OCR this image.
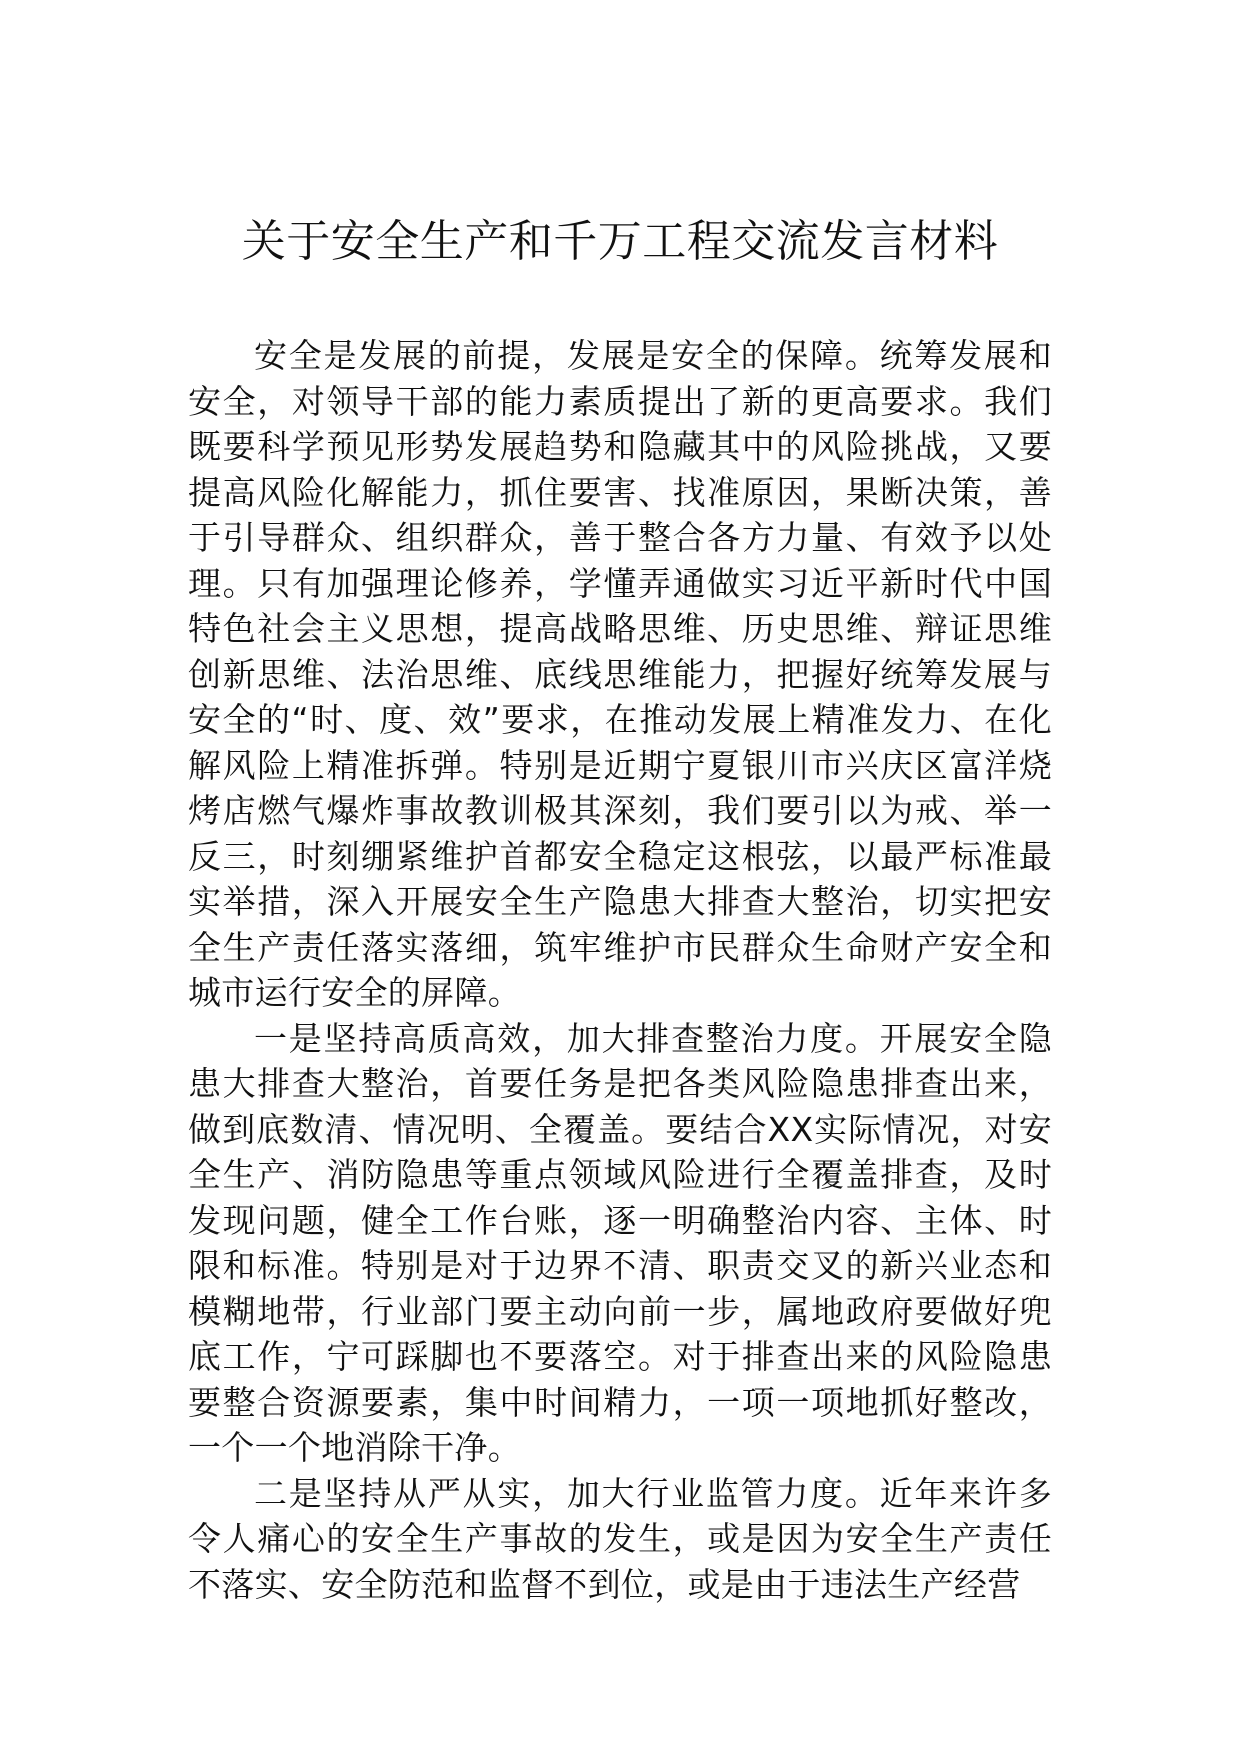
关于安全生产和千万工程交流发言材料

安全是发展的前提，发展是安全的保障。统筹发展和安全，对领导干部的能力素质提出了新的更高要求。我们既要科学预见形势发展趋势和隐藏其中的风险挑战，又要提高风险化解能力，抓住要害、找准原因，果断决策，善于引导群众、组织群众，善于整合各方力量、有效予以处理。只有加强理论修养，学懂弄通做实习近平新时代中国特色社会主义思想，提高战略思维、历史思维、辩证思维创新思维、法治思维、底线思维能力，把握好统筹发展与安全的“时、度、效”要求，在推动发展上精准发力、在化解风险上精准拆弹。特别是近期宁夏银川市兴庆区富洋烧烤店燃气爆炸事故教训极其深刻，我们要引以为戒、举一反三，时刻绷紧维护首都安全稳定这根弦，以最严标准最实举措，深入开展安全生产隐患大排查大整治，切实把安全生产责任落实落细，筑牢维护市民群众生命财产安全和城市运行安全的屏障。

一是坚持高质高效，加大排查整治力度。开展安全隐患大排查大整治，首要任务是把各类风险隐患排查出来，做到底数清、情况明、全覆盖。要结合XX实际情况，对安全生产、消防隐患等重点领域风险进行全覆盖排查，及时发现问题，健全工作台账，逐一明确整治内容、主体、时限和标准。特别是对于边界不清、职责交叉的新兴业态和模糊地带，行业部门要主动向前一步，属地政府要做好兜底工作，宁可踩脚也不要落空。对于排查出来的风险隐患要整合资源要素，集中时间精力，一项一项地抓好整改，一个一个地消除干净。

二是坚持从严从实，加大行业监管力度。近年来许多令人痛心的安全生产事故的发生，或是因为安全生产责任不落实、安全防范和监督不到位，或是由于违法生产经营
